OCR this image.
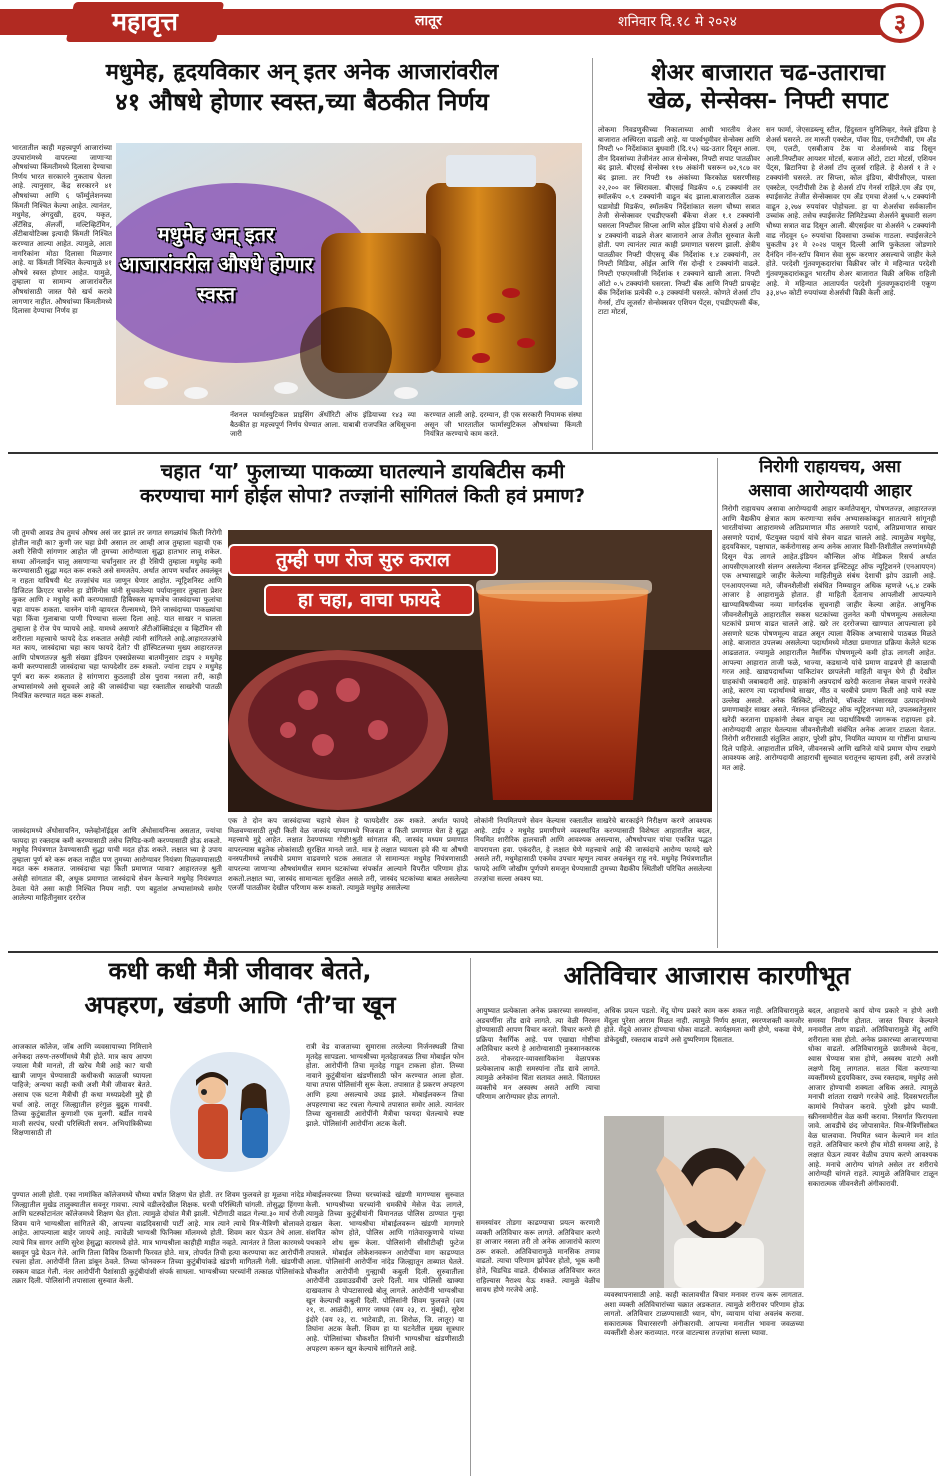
महावृत्त	लातूर	शनिवार दि.१८ मे २०२४	३
मधुमेह, हृदयविकार अन् इतर अनेक आजारांवरील
४१ औषधे होणार स्वस्त,च्या बैठकीत निर्णय
भारतातील काही महत्त्वपूर्ण आजारांच्या उपचारांमध्ये वापरल्या जाणाऱ्या औषधांच्या किंमतीमध्ये दिलासा देण्याचा निर्णय भारत सरकारने नुकताच घेतला आहे. त्यानुसार, केंद्र सरकारने ४१ औषधांच्या आणि ६ फॉर्म्युलेशनच्या किंमती निश्चित केल्या आहेत. त्यानंतर, मधुमेह, अंगदुखी, हृदय, यकृत, ॲंटॅसिड, ॲलर्जी, मल्टिव्हिटॅमिन, ॲंटीबायोटिक्स इत्यादी किंमती निश्चित करण्यात आल्या आहेत. त्यामुळे, आता नागरिकांना मोठा दिलासा मिळणार आहे. या किंमती निश्चित केल्यामुळे ४१ औषधे स्वस्त होणार आहेत. यामुळे, तुम्हाला या सामान्य आजारांवरील औषधांसाठी जास्त पैसे खर्च करावे लागणार नाहीत. औषधांच्या किंमतीमध्ये दिलासा देण्याचा निर्णय हा
मधुमेह अन् इतर आजारांवरील औषधे होणार स्वस्त
नॅशनल फार्मास्युटिकल प्राइसिंग ॲथॉरिटी ऑफ इंडियाच्या १४३ व्या बैठकीत हा महत्त्वपूर्ण निर्णय घेण्यात आला. याबाबी राजपत्रित अधिसूचना जारी
करण्यात आली आहे. दरम्यान, ही एक सरकारी नियामक संस्था असून जी भारतातील फार्मास्युटिकल औषधांच्या किंमती नियंत्रित करण्याचे काम करते.
शेअर बाजारात चढ-उताराचा
खेळ, सेन्सेक्स- निफ्टी सपाट
लोकमा निवडणुकीच्या निकालाच्या आधी भारतीय शेअर बाजारात अस्थिरता वाढली आहे. या पार्श्वभूमीवर सेन्सेक्स आणि निफ्टी ५० निर्देशांकात बुधवारी (दि.१५) चढ-उतार दिसून आला. तीन दिवसांच्या तेजीनंतर आज सेन्सेक्स, निफ्टी सपाट पातळीवर बंद झाले. बीएसई सेन्सेक्स ११७ अंकांनी घसरून ७२,९८७ वर बंद झाला. तर निफ्टी १७ अंकांच्या किरकोळ घसरणीसह २२,२०० वर स्थिरावला. बीएसई मिडकॅप ०.६ टक्क्यांनी तर स्मॉलकॅप ०.९ टक्क्यांनी वाढून बंद झाला.बाजारातील ठळक घडामोडी मिडकॅप, स्मॉलकॅप निर्देशांकात सलग चौथ्या सत्रात तेजी सेन्सेक्सवर एचडीएफसी बँकेचा शेअर १.१ टक्क्यांनी घसरला निफ्टीवर सिप्ला आणि कोल इंडिया यांचे शेअर्स ३ आणि ४ टक्क्यांनी वाढले शेअर बाजाराने आज तेजीत सुरुवात केली होती. पण त्यानंतर त्यात काही प्रमाणात घसरण झाली. क्षेत्रीय पातळीवर निफ्टी पीएसयू बँक निर्देशांक १.४ टक्क्यांनी, तर निफ्टी मिडिया, ऑईल आणि गॅस दोन्ही १ टक्क्यांनी वाढले. निफ्टी एफएमसीजी निर्देशांक १ टक्क्याने खाली आला. निफ्टी ऑटो ०.५ टक्क्यांनी घसरला. निफ्टी बँक आणि निफ्टी प्रायव्हेट बँक निर्देशांक प्रत्येकी ०.३ टक्क्यांनी घसरले. कोणते शेअर्स टॉप गेनर्स, टॉप लूजर्स? सेन्सेक्सवर एशियन पेंट्स, एचडीएफसी बँक, टाटा मोटर्स,
सन फार्मा, जेएसडब्ल्यू स्टील, हिंदुस्तान युनिलिव्हर, नेस्ले इंडिया हे शेअर्स घसरले. तर मारुती एक्स्टेल, पॉवर ग्रिड, एनटीपीसी, एम ॲंड एम, एलटी, एसबीआय टेक या शेअर्समध्ये वाढ दिसून आली.निफ्टीवर आयशर मोटर्स, बजाज ऑटो, टाटा मोटर्स, एशियन पेंट्स, ब्रिटानिया हे शेअर्स टॉप लूजर्स राहिले. हे शेअर्स १ ते २ टक्क्यांनी घसरले. तर सिप्ला, कोल इंडिया, बीपीसीएल, पास्ता एक्स्टेल, एनटीपीसी टेक हे शेअर्स टॉप गेनर्स राहिले.एम ॲंड एम, स्पाईसजेट तेजीत सेन्सेक्सवर एम ॲंड एमचा शेअर्स ५.५ टक्क्यांनी वाढून ३,२७४ रुपयांवर पोहोचला. हा या शेअर्सचा सर्वकालीन उच्चांक आहे. तसेच स्पाईसजेट लिमिटेडच्या शेअर्सने बुधवारी सलग चौथ्या सत्रात वाढ दिसून आली. बीएसईवर या शेअर्सने ५ टक्क्यांनी वाढ नोंदवून ६० रुपयांचा दिवसाचा उच्चांक गाठला. स्पाईसजेटने चुकतीच ३१ मे २०२४ पासून दिल्ली आणि फुकेतला जोडणारे दैनंदिन नॉन-स्टॉप विमान सेवा सुरू करणार असल्याचे जाहीर केले होते. परदेशी गुंतवणूकदारांचा विक्रीवर जोर मे महिन्यात परदेशी गुंतवणूकदारांकडून भारतीय शेअर बाजारात विक्री अधिक राहिली आहे. मे महिन्यात आतापर्यंत परदेशी गुंतवणूकदारांनी एकूण ३३,४५० कोटी रुपयांच्या शेअर्सची विक्री केली आहे.
चहात ‘या’ फुलाच्या पाकळ्या घातल्याने डायबिटीस कमी
करण्याचा मार्ग होईल सोपा? तज्ज्ञांनी सांगितलं किती हवं प्रमाण?
जी तुमची आवड तेच तुमचं औषध असं जर झालं तर जगात सगळ्यांचं किती निरोगी होतील नाही का? कुणी जर चहा प्रेमी असाल तर आम्ही आज तुम्हाला चहाची एक अशी रेसिपी सांगणार आहोत जी तुमच्या आरोग्याला सुद्धा हातभार लावू शकेल. सध्या ऑनलाईन चालू असणाऱ्या चर्चांनुसार तर ही रेसिपी तुम्हाला मधुमेह कमी करण्यासाठी सुद्धा मदत करू शकते असे समजतेय. अर्थात आपण चर्चांवर अवलंबून न राहता याविषयी थेट तज्ज्ञांचंच मत जाणून घेणार आहोत. न्यूट्रिशनिस्ट आणि डिजिटल क्रिएटर चास्नेन हा डोमिनोस यांनी सुचवलेल्या पर्यायानुसार तुम्हाला प्रेशर कुकर आणि २ मधुमेह कमी करण्यासाठी हिबिस्कस म्हणजेच जास्वंदाच्या फुलांचा चहा वापरू शकता. चास्नेन यांनी व्हायरल रील्समध्ये, तिने जास्वंदाच्या पाकळ्यांचा चहा किंवा गुलाबाचा पाणी पिण्याचा सल्ला दिला आहे. यात साखर न घालता तुम्हाला हे रोज पेय प्यायचे आहे. यामध्ये असणारे ॲंटीऑक्सिडंट्स व व्हिटॅमिन सी शरीराला महत्त्वाचे फायदे देऊ शकतात असेही त्यांनी सांगितले आहे.आहारतज्ज्ञांचे मत काय, जास्वंदाचा चहा काय फायदे देतो? पी हॉस्पिटलच्या मुख्य आहारतज्ज्ञ आणि पोषणतज्ज्ञ श्रुती संख्या इंडियन एक्सप्रेसच्या बातमीनुसार टाइप २ मधुमेह कमी करण्यासाठी जास्वंदाचा चहा फायदेशीर ठरू शकतो. ज्यांना टाइप २ मधुमेह पूर्ण बरा करू शकतात हे सांगणारा कुठलाही ठोस पुरावा नसला तरी, काही अभ्यासांमध्ये असे सुचवले आहे की जास्वंदीचा चहा रक्तातील साखरेची पातळी नियंत्रित करण्यात मदत करू शकतो.
जास्वंदामध्ये ॲंथोसायनिन, फ्लेव्होनॉईड्स आणि ॲंथोसायनिन्स असतात, ज्यांचा फायदा हा रक्तदाब कमी करण्यासाठी तसेच लिपिड-कमी करण्यासाठी होऊ शकतो. मधुमेह नियंत्रणात ठेवण्यासाठी सुद्धा याची मदत होऊ शकते. लक्षात घ्या हे उपाय तुम्हाला पूर्ण बरे करू शकत नाहीत पण तुमच्या आरोग्यावर नियंत्रण मिळवण्यासाठी मदत करू शकतात. जास्वंदाचा चहा किती प्रमाणात प्यावा? आहारतज्ज्ञ श्रुती असेही सांगतात की, अधूक प्रमाणात जास्वंदाचे सेवन केल्याने मधुमेह नियंत्रणात ठेवता येते असा काही निश्चित नियम नाही. पण बहुतांश अभ्यासांमध्ये समोर आलेल्या माहितीनुसार दररोज
तुम्ही पण रोज सुरु कराल
हा चहा, वाचा फायदे
एक ते दोन कप जास्वंदाच्या चहाचे सेवन हे फायदेशीर ठरू शकते. अर्थात फायदे मिळवण्यासाठी तुम्ही किती वेळ जास्वंद पाण्यामध्ये भिजवता व किती प्रमाणात घेता हे सुद्धा महत्त्वाचे मुद्दे आहेत. लक्षात ठेवण्याच्या गोष्टी!श्रुती सांगतात की, जास्वंद मध्यम प्रमाणात वापरल्यास बहुतेक लोकांसाठी सुरक्षित मानले जाते. मात्र हे लक्षात घ्यायला हवे की या औषधी वनस्पतीमध्ये लघवीचे प्रमाण वाढवणारे घटक असतात जे सामान्यतः मधुमेह नियंत्रणासाठी वापरल्या जाणाऱ्या औषधांमधील समान घटकांच्या संपर्कात आल्याने विपरीत परिणाम होऊ शकतो.लक्षात घ्या, जास्वंद सामान्यतः सुरक्षित असले तरी, जास्वंद घटकांच्या बाबत असलेल्या एलर्जी पातळीवर देखील परिणाम करू शकतो. त्यामुळे मधुमेह असलेल्या
लोकांनी नियमितपणे सेवन केल्यास रक्तातील साखरेचे बारकाईने निरीक्षण करणे आवश्यक आहे. टाईप २ मधुमेह प्रमाणीपणे व्यवस्थापित करण्यासाठी विशेषतः आहारातील बदल, नियमित शारीरिक हालचाली आणि आवश्यक असल्यास, औषधोपचार यांचा एकत्रित पद्धत वापरायला हवा. एकंदरीत, हे लक्षात घेणे महत्त्वाचे आहे की जास्वंदाचे आरोग्य फायदे खरे असले तरी, मधुमेहासाठी एकमेव उपचार म्हणून त्यावर अवलंबून राहू नये. मधुमेह नियंत्रणातील फायदे आणि जोखीम पूर्णपणे समजून घेण्यासाठी तुमच्या वैद्यकीय स्थितीशी परिचित असलेल्या तज्ज्ञांचा सल्ला अवश्य घ्या.
निरोगी राहायचय, असा
असावा आरोग्यदायी आहार
निरोगी राहायचय असावा आरोग्यदायी आहार कर्मातेपासून, पोषणतज्ज्ञ, आहारतज्ज्ञ आणि वैद्यकीय क्षेत्रात काम करणाऱ्या सर्वच अभ्यासकांकडून सातत्याने सांगूनही भारतीयांच्या आहारामध्ये अतिप्रमाणात मीठ असणारे पदार्थ, अतिप्रमाणात साखर असणारे पदार्थ, फॅटयुक्त पदार्थ यांचे सेवन वाढत चालले आहे. त्यामुळेच मधुमेह, हृदयविकार, पक्षाघात, कर्करोगासह अन्य अनेक आजार विशी-तिशीतील तरुणांमध्येही दिसून येऊ लागले आहेत.इंडियन कौन्सिल ऑफ मेडिकल रिसर्च अर्थात आयसीएमआरशी संलग्न असलेल्या नॅशनल इन्स्टिट्यूट ऑफ न्यूट्रिशनने (एनआयएन) एक अभ्यासाद्वारे जाहीर केलेल्या माहितीमुळे संबंध देशाची झोप उडाली आहे. एनआयएनच्या मते, जीवनशैलीशी संबंधित निम्म्याहून अधिक म्हणजे ५६.४ टक्के आजार हे आहारामुळे होतात. ही माहिती देतानाच आपलीशी आपल्याने खाण्याविषयीच्या नव्या मार्गदर्शक सूचनाही जाहीर केल्या आहेत. आधुनिक जीवनशैलीमुळे आहारातील सकस घटकांच्या तुलनेत कमी पोषणमूल्य असलेल्या घटकांचे प्रमाण वाढत चालले आहे. खरे तर दररोजच्या खाण्यात आपल्याला हवे असणारे घटक पोषणमूल्य वाढत असून त्याला वैश्विक अभ्यासाचे पाठबळ मिळते आहे. बाजारात उपलब्ध असलेल्या पदार्थांमध्ये मोठ्या प्रमाणात प्रक्रिया केलेले घटक आढळतात. ज्यामुळे आहारातील नैसर्गिक पोषणमूल्ये कमी होऊ लागली आहेत. आपल्या आहारात ताजी फळे, भाज्या, कडधान्ये यांचे प्रमाण वाढवणे ही काळाची गरज आहे. खाद्यपदार्थांच्या पाकिटांवर छापलेली माहिती वाचून घेणे ही देखील ग्राहकांची जबाबदारी आहे. ग्राहकांनी अन्नपदार्थ खरेदी करताना लेबल वाचणे गरजेचे आहे, कारण त्या पदार्थामध्ये साखर, मीठ व चरबीचे प्रमाण किती आहे याचे स्पष्ट उल्लेख असतो. अनेक बिस्किटे, शीतपेये, चॉकलेट यांसारख्या उत्पादनांमध्ये प्रमाणाबाहेर साखर असते. नॅशनल इन्स्टिट्यूट ऑफ न्यूट्रिशनच्या मते, उपलब्धतेनुसार खरेदी करताना ग्राहकांनी लेबल वाचून त्या पदार्थाविषयी जागरूक राहायला हवे. आरोग्यदायी आहार घेतल्यास जीवनशैलीशी संबंधित अनेक आजार टाळता येतात. निरोगी शरीरासाठी संतुलित आहार, पुरेशी झोप, नियमित व्यायाम या गोष्टींना प्राधान्य दिले पाहिजे. आहारातील प्रथिने, जीवनसत्त्वे आणि खनिजे यांचे प्रमाण योग्य राखणे आवश्यक आहे. आरोग्यदायी आहाराची सुरुवात घरातूनच व्हायला हवी, असे तज्ज्ञांचे मत आहे.
कधी कधी मैत्री जीवावर बेतते,
अपहरण, खंडणी आणि ‘ती’चा खून
आजकाल कॉलेज, जॉब आणि व्यवसायाच्या निमित्ताने अनेकदा तरुण-तरुणींमध्ये मैत्री होते. मात्र काय आपण ज्याला मैत्री मानतो, ती खरेच मैत्री आहे का? याची खात्री जाणून घेण्यासाठी कधीकधी काळजी घ्यायला पाहिजे; अन्यथा काही कधी अशी मैत्री जीवावर बेतते. असाच एक घटना मैत्रीची ही कथा मध्यप्रदेशी मुद्दे ही चर्चा आहे. लातूर जिल्ह्यातील हरंगुळ बुद्रुक गावची. तिच्या कुटुंबातील कुणाशी एक मुलगी. बर्डील गावचे माजी सरपंच, घरची परिस्थिती सधन. अभियांत्रिकीच्या शिक्षणासाठी ती
रात्री वेड वाजताच्या सुमारास तरलेल्या निर्जनस्थळी तिचा मृतदेह सापडला. भाग्यश्रीच्या मृतदेहाजवळ तिचा मोबाईल फोन होता. आरोपींनी तिचा मृतदेह गाडून टाकला होता. तिच्या नावाने कुटुंबीयांना खंडणीसाठी फोन करण्यात आला होता. याचा तपास पोलिसांनी सुरू केला. तपासात हे प्रकरण अपहरण आणि हत्या असल्याचे उघड झाले. मोबाईलवरून तिचा अपहरणाचा कट रचला गेल्याचे तपासात समोर आले. त्यानंतर तिच्या खुनासाठी आरोपींनी मैत्रीचा फायदा घेतल्याचे स्पष्ट झाले. पोलिसांनी आरोपींना अटक केली.
पुण्यात आली होती. एका नामांकित कॉलेजमध्ये चौथ्या वर्षात शिक्षण घेत होती. तर शिवम फुलवले हा मूळचा नांदेड जिल्ह्यातील मुखेड तालुक्यातील सवनूर गावचा. त्याचे वडीलदेखील शिक्षक. घरची परिस्थिती चांगली. तोसुद्धा हिंगणा आणि घटस्फोटानंतर कॉलेजमध्ये शिक्षण घेत होता. त्यामुळे दोघांत मैत्री झाली. भेटीगाठी वाढत गेल्या.३० मार्च रोजी शिवम याने भाग्यश्रीला सांगितले की, आपल्या वाढदिवसाची पार्टी आहे. मात्र त्याने त्याचे मित्र-मैत्रिणी बोलावले आहेत. आपल्याला बाहेर जायचे आहे. त्यावेळी भाग्यश्री फिनिक्स मॉलमध्ये होती. शिवम कार घेऊन तेथे आला. त्याचे मित्र सागर आणि सुरेश हेसुद्धा कारमध्ये होते. मात्र भाग्यश्रीला काहीही माहीत नव्हते. त्यानंतर ते तिला कारमध्ये बसवून पुढे घेऊन गेले. आणि तिला विविध ठिकाणी फिरवत होते. मात्र, तोपर्यंत तिची हत्या करण्याचा कट आरोपींनी रचला होता. आरोपींनी तिला डांबून ठेवले. तिच्या फोनवरून तिच्या कुटुंबीयांकडे खंडणी मागितली गेली. खंडणीची रक्कम वाढत गेली. नंतर आरोपींनी पैशांसाठी कुटुंबीयांशी संपर्क साधला. भाग्यश्रीच्या घरच्यांनी तत्काळ पोलिसांकडे तक्रार दिली. पोलिसांनी तपासाला सुरुवात केली.
मोबाईलवरच्या तिच्या घरच्यांकडे खंडणी मागण्यास सुरुवात केली. भाग्यश्रीच्या घरच्यांनी धमकीचे मेसेज येऊ लागले, त्यामुळे तिच्या कुटुंबीयांनी विमानतळ पोलिस ठाण्यात गुन्हा दाखल केला. भाग्यश्रीचा मोबाईलवरून खंडणी मागणारे संशयित कोण होते, पोलिस आणि गांतेवारकुणाचे यांच्या पथकाने शोध सुरू केला. पोलिसांनी सीसीटीव्ही फुटेज तपासले. मोबाईल लोकेशनवरून आरोपींचा माग काढण्यात आला. पोलिसांनी आरोपींना नांदेड जिल्ह्यातून ताब्यात घेतले. चौकशीत आरोपींनी गुन्ह्याची कबुली दिली. सुरुवातीला आरोपींनी उडवाउडवीची उत्तरे दिली. मात्र पोलिसी खाक्या दाखवताच ते पोपटासारखे बोलू लागले. आरोपींनी भाग्यश्रीचा खून केल्याची कबुली दिली. पोलिसांनी शिवम फुलवले (वय २१, रा. आळंदी), सागर जाधव (वय २३, रा. मुंबई), सुरेश इंदोरे (वय २३, रा. भाटेवाडी, ता. शिरोळ, जि. लातूर) या तिघांना अटक केली. शिवम हा या घटनेतील मुख्य सूत्रधार आहे. पोलिसांच्या चौकशीत तिघांनी भाग्यश्रीचा खंडणीसाठी अपहरण करून खून केल्याचे सांगितले आहे.
अतिविचार आजारास कारणीभूत
आयुष्यात प्रत्येकाला अनेक प्रकारच्या समस्यांना, अडचणींना तोंड द्यावे लागते. त्या वेळी निरसन होण्यासाठी आपण विचार करतो. विचार करणे ही प्रक्रिया नैसर्गिक आहे. पण एखाद्या गोष्टीचा अतिविचार करणे हे आरोग्यासाठी नुकसानकारक ठरते. नोकरदार-व्यावसायिकांना वेळापत्रक प्रत्येकालाच काही समस्यांना तोंड द्यावे लागते. त्यामुळे अनेकांना चिंता सतावत असते. चिंताग्रस्त व्यक्तीचे मन अस्वस्थ असते आणि त्याचा परिणाम आरोग्यावर होऊ लागतो.
अधिक प्रयत्न पडतो. मेंदू योग्य प्रकारे काम करू शकत नाही. अतिविचारामुळे मेंदूला पुरेसा आराम मिळत नाही. त्यामुळे निर्णय क्षमता, स्मरणशक्ती कमजोर होते. मेंदूचे आजार होण्याचा धोका वाढतो. कार्यक्षमता कमी होणे, थकवा येणे, डोकेदुखी, रक्तदाब वाढणे असे दुष्परिणाम दिसतात.
समस्यांवर तोडगा काढण्याचा प्रयत्न करणारी व्यक्ती अतिविचार करू लागते. अतिविचार करणे हा आजार नसला तरी तो अनेक आजारांचे कारण ठरू शकतो. अतिविचारामुळे मानसिक तणाव वाढतो. त्याचा परिणाम झोपेवर होतो, भूक कमी होते, चिडचिड वाढते. दीर्घकाळ अतिविचार करत राहिल्यास नैराश्य येऊ शकते. त्यामुळे वेळीच सावध होणे गरजेचे आहे.
व्यवस्थापनासाठी आहे. काही कालावधीत विचार मनावर राज्य करू लागतात. अशा व्यक्ती अतिविचारांच्या चक्रात अडकतात. त्यामुळे शरीरावर परिणाम होऊ लागतो. अतिविचार टाळण्यासाठी ध्यान, योग, व्यायाम यांचा अवलंब करावा. सकारात्मक विचारसरणी अंगीकारावी. आपल्या मनातील भावना जवळच्या व्यक्तींशी शेअर कराव्यात. गरज वाटल्यास तज्ज्ञांचा सल्ला घ्यावा.
बदल, आहाराचे कार्य योग्य प्रकारे न होणे अशी समस्या निर्माण होतात. जास्त विचार केल्याने मनावरील ताण वाढतो. अतिविचारामुळे मेंदू आणि शरीराला त्रास होतो. अनेक प्रकारच्या आजारपणाचा धोका वाढतो. अतिविचारामुळे छातीमध्ये वेदना, श्वास घेण्यास त्रास होणे, अस्वस्थ वाटणे अशी लक्षणे दिसू लागतात. सतत चिंता करणाऱ्या व्यक्तींमध्ये हृदयविकार, उच्च रक्तदाब, मधुमेह असे आजार होण्याची शक्यता अधिक असते. त्यामुळे मनाची शांतता राखणे गरजेचे आहे. दिवसभरातील कामांचे नियोजन करावे. पुरेशी झोप घ्यावी. स्क्रीनसमोरील वेळ कमी करावा. निसर्गात फिरायला जावे. आवडीचे छंद जोपासावेत. मित्र-मैत्रिणींसोबत वेळ घालवावा. नियमित ध्यान केल्याने मन शांत राहते. अतिविचार करणे हीच मोठी समस्या आहे, हे लक्षात घेऊन त्यावर वेळीच उपाय करणे आवश्यक आहे. मनाचे आरोग्य चांगले असेल तर शरीराचे आरोग्यही चांगले राहते. त्यामुळे अतिविचार टाळून सकारात्मक जीवनशैली अंगीकारावी.
